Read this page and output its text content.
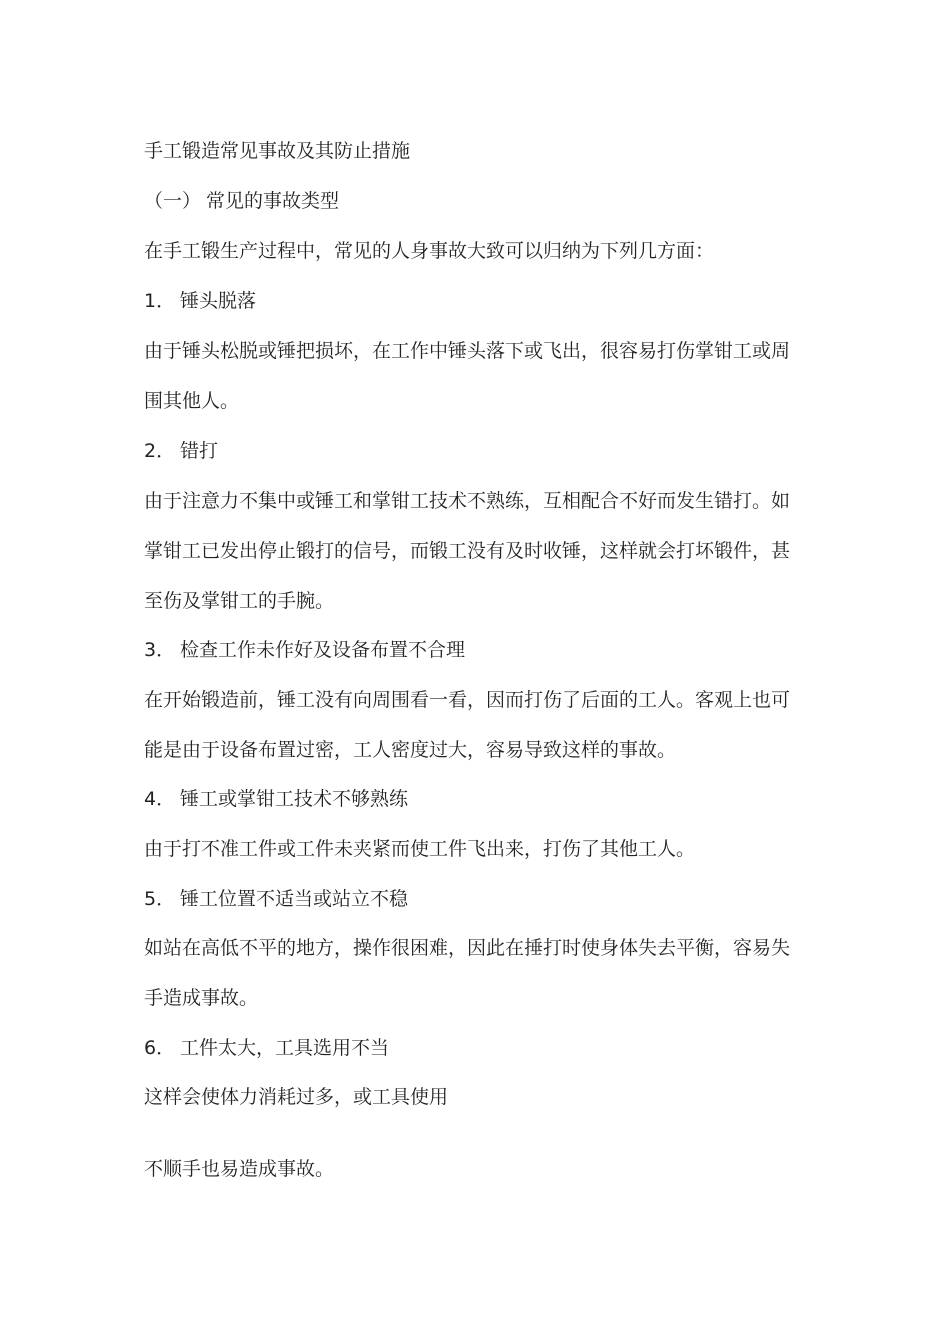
手工锻造常见事故及其防止措施
（一） 常见的事故类型
在手工锻生产过程中，常见的人身事故大致可以归纳为下列几方面：
1． 锤头脱落
由于锤头松脱或锤把损坏，在工作中锤头落下或飞出，很容易打伤掌钳工或周
围其他人。
2． 错打
由于注意力不集中或锤工和掌钳工技术不熟练，互相配合不好而发生错打。如
掌钳工已发出停止锻打的信号，而锻工没有及时收锤，这样就会打坏锻件，甚
至伤及掌钳工的手腕。
3． 检查工作未作好及设备布置不合理
在开始锻造前，锤工没有向周围看一看，因而打伤了后面的工人。客观上也可
能是由于设备布置过密，工人密度过大，容易导致这样的事故。
4． 锤工或掌钳工技术不够熟练
由于打不准工件或工件未夹紧而使工件飞出来，打伤了其他工人。
5． 锤工位置不适当或站立不稳
如站在高低不平的地方，操作很困难，因此在捶打时使身体失去平衡，容易失
手造成事故。
6． 工件太大，工具选用不当
这样会使体力消耗过多，或工具使用
不顺手也易造成事故。
